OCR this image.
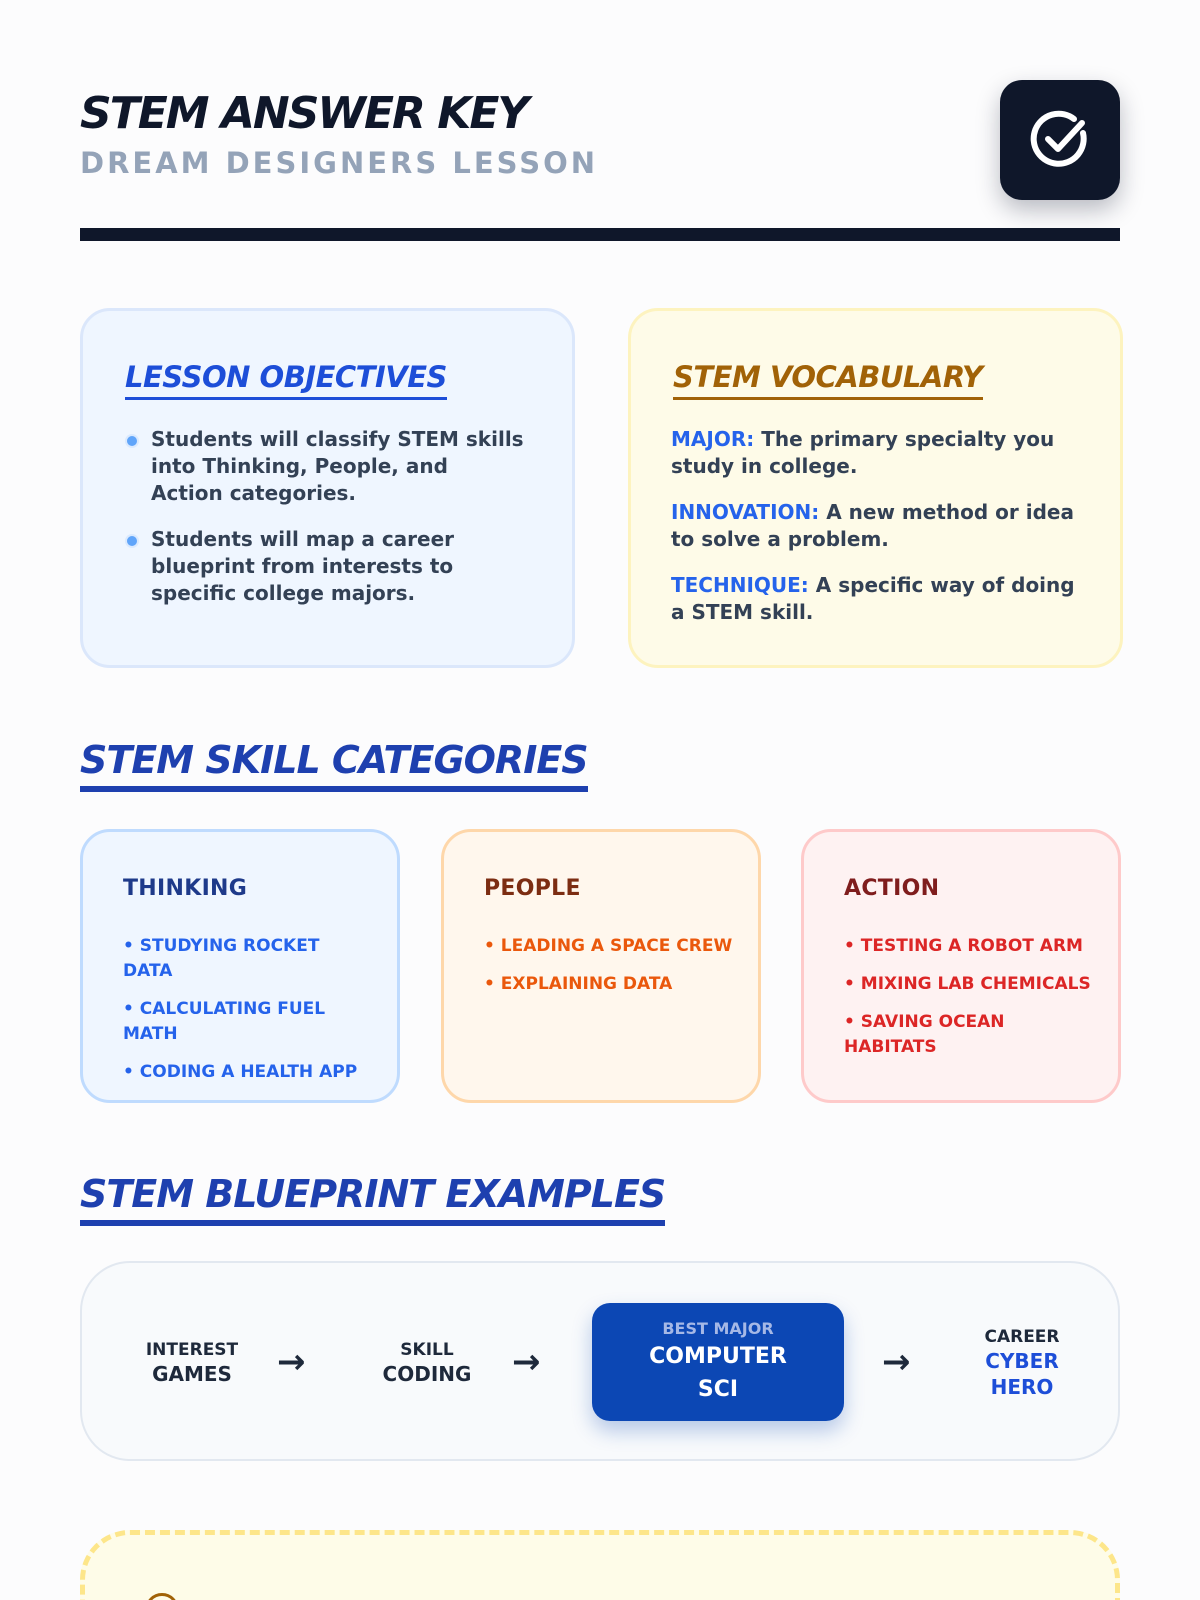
STEM ANSWER KEY
DREAM DESIGNERS LESSON
LESSON OBJECTIVES
Students will classify STEM skills into Thinking, People, and Action categories.
Students will map a career blueprint from interests to specific college majors.
STEM VOCABULARY

MAJOR: The primary specialty you study in college.

INNOVATION: A new method or idea to solve a problem.

TECHNIQUE: A specific way of doing a STEM skill.

STEM SKILL CATEGORIES
THINKING
• STUDYING ROCKET DATA
• CALCULATING FUEL MATH
• CODING A HEALTH APP
PEOPLE
• LEADING A SPACE CREW
• EXPLAINING DATA
ACTION
• TESTING A ROBOT ARM
• MIXING LAB CHEMICALS
• SAVING OCEAN HABITATS
STEM BLUEPRINT EXAMPLES
INTEREST
GAMES →	SKILL
CODING →
BEST MAJOR
COMPUTER SCI
→
CAREER
CYBER HERO
